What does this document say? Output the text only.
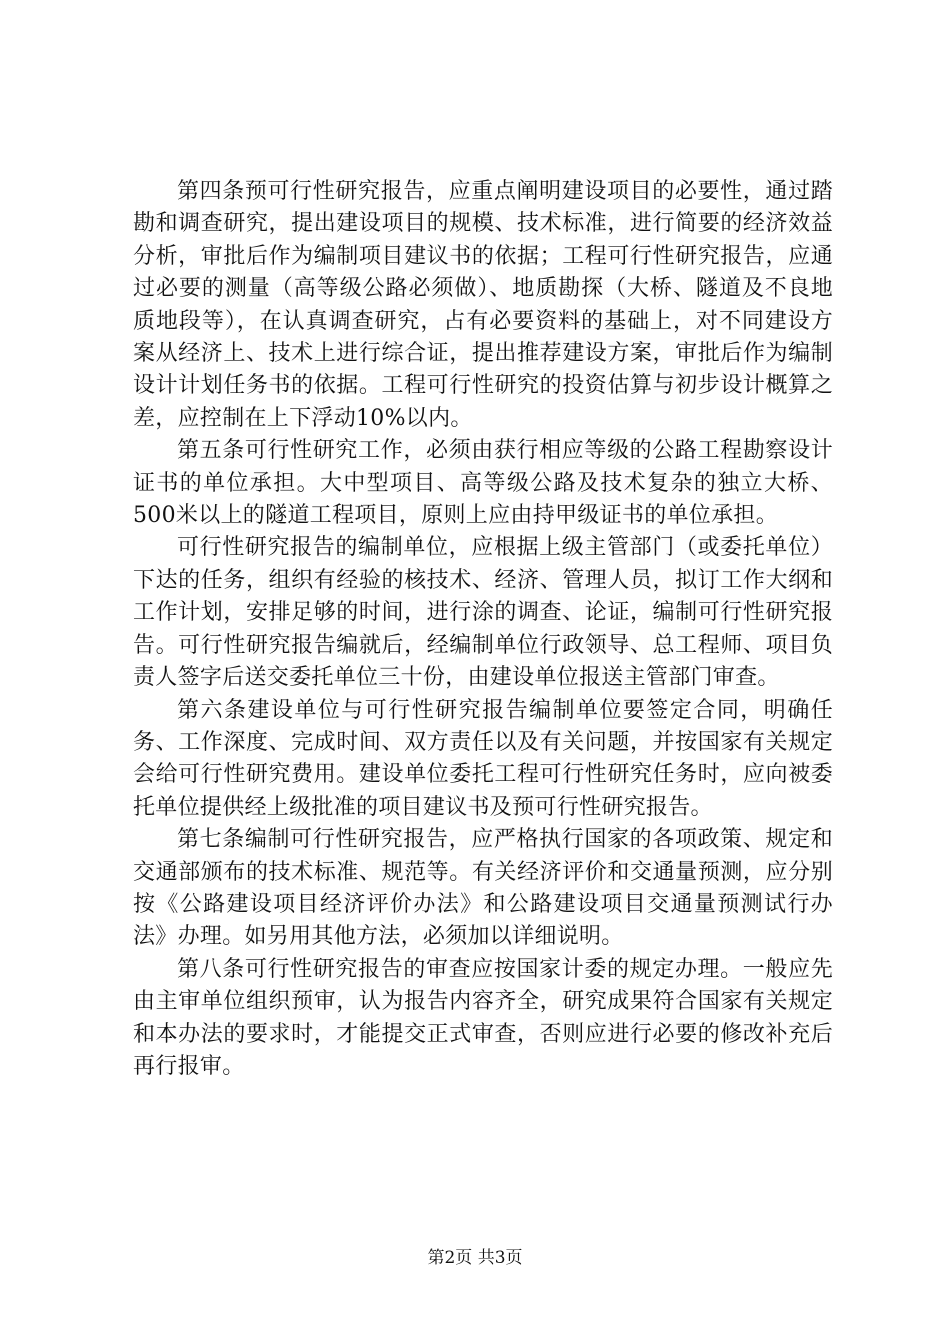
第四条预可行性研究报告，应重点阐明建设项目的必要性，通过踏勘和调查研究，提出建设项目的规模、技术标准，进行简要的经济效益分析，审批后作为编制项目建议书的依据；工程可行性研究报告，应通过必要的测量（高等级公路必须做）、地质勘探（大桥、隧道及不良地质地段等），在认真调查研究，占有必要资料的基础上，对不同建设方案从经济上、技术上进行综合证，提出推荐建设方案，审批后作为编制设计计划任务书的依据。工程可行性研究的投资估算与初步设计概算之差，应控制在上下浮动10%以内。

第五条可行性研究工作，必须由获行相应等级的公路工程勘察设计证书的单位承担。大中型项目、高等级公路及技术复杂的独立大桥、500米以上的隧道工程项目，原则上应由持甲级证书的单位承担。

可行性研究报告的编制单位，应根据上级主管部门（或委托单位）下达的任务，组织有经验的核技术、经济、管理人员，拟订工作大纲和工作计划，安排足够的时间，进行涂的调查、论证，编制可行性研究报告。可行性研究报告编就后，经编制单位行政领导、总工程师、项目负责人签字后送交委托单位三十份，由建设单位报送主管部门审查。

第六条建设单位与可行性研究报告编制单位要签定合同，明确任务、工作深度、完成时间、双方责任以及有关问题，并按国家有关规定会给可行性研究费用。建设单位委托工程可行性研究任务时，应向被委托单位提供经上级批准的项目建议书及预可行性研究报告。

第七条编制可行性研究报告，应严格执行国家的各项政策、规定和交通部颁布的技术标准、规范等。有关经济评价和交通量预测，应分别按《公路建设项目经济评价办法》和公路建设项目交通量预测试行办法》办理。如另用其他方法，必须加以详细说明。

第八条可行性研究报告的审查应按国家计委的规定办理。一般应先由主审单位组织预审，认为报告内容齐全，研究成果符合国家有关规定和本办法的要求时，才能提交正式审查，否则应进行必要的修改补充后再行报审。

第2页 共3页
